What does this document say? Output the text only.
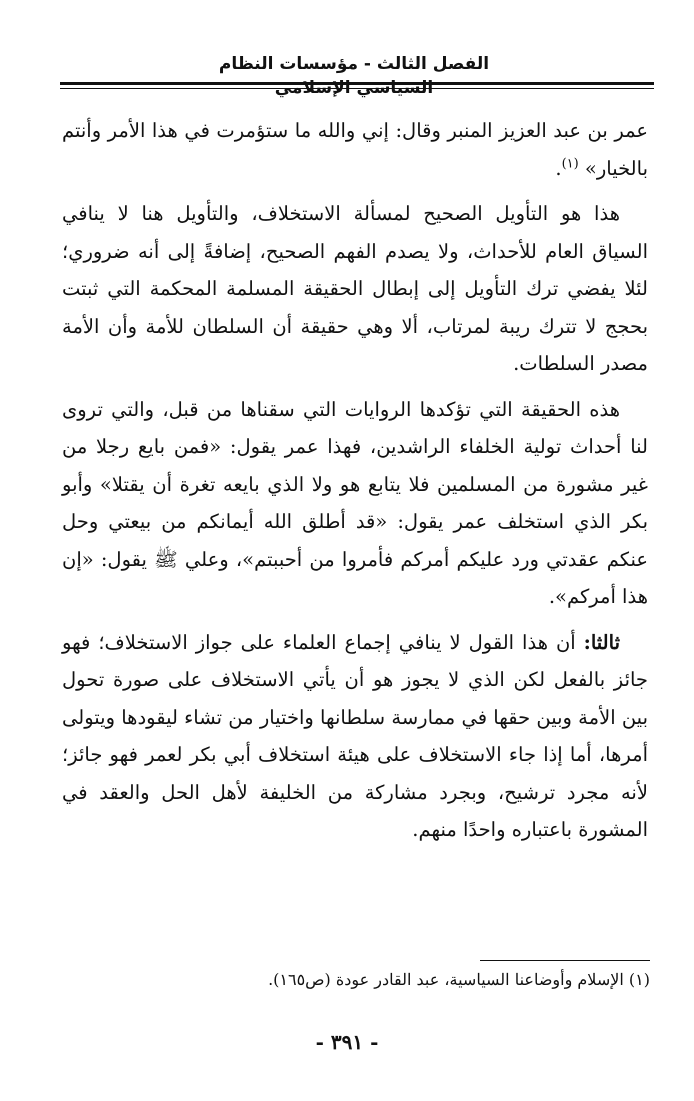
الفصل الثالث - مؤسسات النظام السياسي الإسلامي

عمر بن عبد العزيز المنبر وقال: إني والله ما ستؤمرت في هذا الأمر وأنتم بالخيار» $^{(١)}$.

هذا هو التأويل الصحيح لمسألة الاستخلاف، والتأويل هنا لا ينافي السياق العام للأحداث، ولا يصدم الفهم الصحيح، إضافةً إلى أنه ضروري؛ لئلا يفضي ترك التأويل إلى إبطال الحقيقة المسلمة المحكمة التي ثبتت بحجج لا تترك ريبة لمرتاب، ألا وهي حقيقة أن السلطان للأمة وأن الأمة مصدر السلطات.

هذه الحقيقة التي تؤكدها الروايات التي سقناها من قبل، والتي تروى لنا أحداث تولية الخلفاء الراشدين، فهذا عمر يقول: «فمن بايع رجلا من غير مشورة من المسلمين فلا يتابع هو ولا الذي بايعه تغرة أن يقتلا» وأبو بكر الذي استخلف عمر يقول: «قد أطلق الله أيمانكم من بيعتي وحل عنكم عقدتي ورد عليكم أمركم فأمروا من أحببتم»، وعلي ﷺ يقول: «إن هذا أمركم».

ثالثا: أن هذا القول لا ينافي إجماع العلماء على جواز الاستخلاف؛ فهو جائز بالفعل لكن الذي لا يجوز هو أن يأتي الاستخلاف على صورة تحول بين الأمة وبين حقها في ممارسة سلطانها واختيار من تشاء ليقودها ويتولى أمرها، أما إذا جاء الاستخلاف على هيئة استخلاف أبي بكر لعمر فهو جائز؛ لأنه مجرد ترشيح، وبجرد مشاركة من الخليفة لأهل الحل والعقد في المشورة باعتباره واحدًا منهم.

(١) الإسلام وأوضاعنا السياسية، عبد القادر عودة (ص١٦٥).
- ٣٩١ -
